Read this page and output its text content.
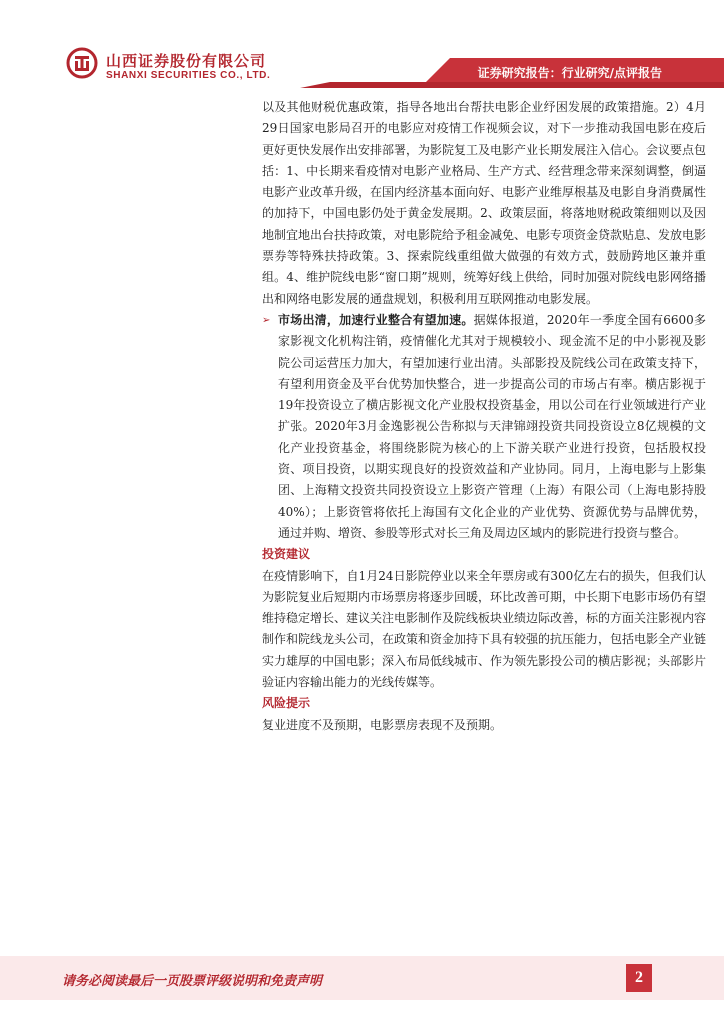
山西证券股份有限公司
SHANXI SECURITIES CO., LTD.	证券研究报告：行业研究/点评报告

以及其他财税优惠政策，指导各地出台帮扶电影企业纾困发展的政策措施。2）4月29日国家电影局召开的电影应对疫情工作视频会议，对下一步推动我国电影在疫后更好更快发展作出安排部署，为影院复工及电影产业长期发展注入信心。会议要点包括：1、中长期来看疫情对电影产业格局、生产方式、经营理念带来深刻调整，倒逼电影产业改革升级，在国内经济基本面向好、电影产业维厚根基及电影自身消费属性的加持下，中国电影仍处于黄金发展期。2、政策层面，将落地财税政策细则以及因地制宜地出台扶持政策，对电影院给予租金减免、电影专项资金贷款贴息、发放电影票券等特殊扶持政策。3、探索院线重组做大做强的有效方式，鼓励跨地区兼并重组。4、维护院线电影“窗口期”规则，统筹好线上供给，同时加强对院线电影网络播出和网络电影发展的通盘规划，积极利用互联网推动电影发展。

➢ 市场出清，加速行业整合有望加速。据媒体报道，2020年一季度全国有6600多家影视文化机构注销，疫情催化尤其对于规模较小、现金流不足的中小影视及影院公司运营压力加大，有望加速行业出清。头部影投及院线公司在政策支持下，有望利用资金及平台优势加快整合，进一步提高公司的市场占有率。横店影视于19年投资设立了横店影视文化产业股权投资基金，用以公司在行业领域进行产业扩张。2020年3月金逸影视公告称拟与天津锦翊投资共同投资设立8亿规模的文化产业投资基金，将围绕影院为核心的上下游关联产业进行投资，包括股权投资、项目投资，以期实现良好的投资效益和产业协同。同月，上海电影与上影集团、上海精文投资共同投资设立上影资产管理（上海）有限公司（上海电影持股40%）；上影资管将依托上海国有文化企业的产业优势、资源优势与品牌优势，通过并购、增资、参股等形式对长三角及周边区域内的影院进行投资与整合。

投资建议

在疫情影响下，自1月24日影院停业以来全年票房或有300亿左右的损失，但我们认为影院复业后短期内市场票房将逐步回暖，环比改善可期，中长期下电影市场仍有望维持稳定增长、建议关注电影制作及院线板块业绩边际改善，标的方面关注影视内容制作和院线龙头公司，在政策和资金加持下具有较强的抗压能力，包括电影全产业链实力雄厚的中国电影；深入布局低线城市、作为领先影投公司的横店影视；头部影片验证内容输出能力的光线传媒等。

风险提示

复业进度不及预期，电影票房表现不及预期。

请务必阅读最后一页股票评级说明和免责声明	2
